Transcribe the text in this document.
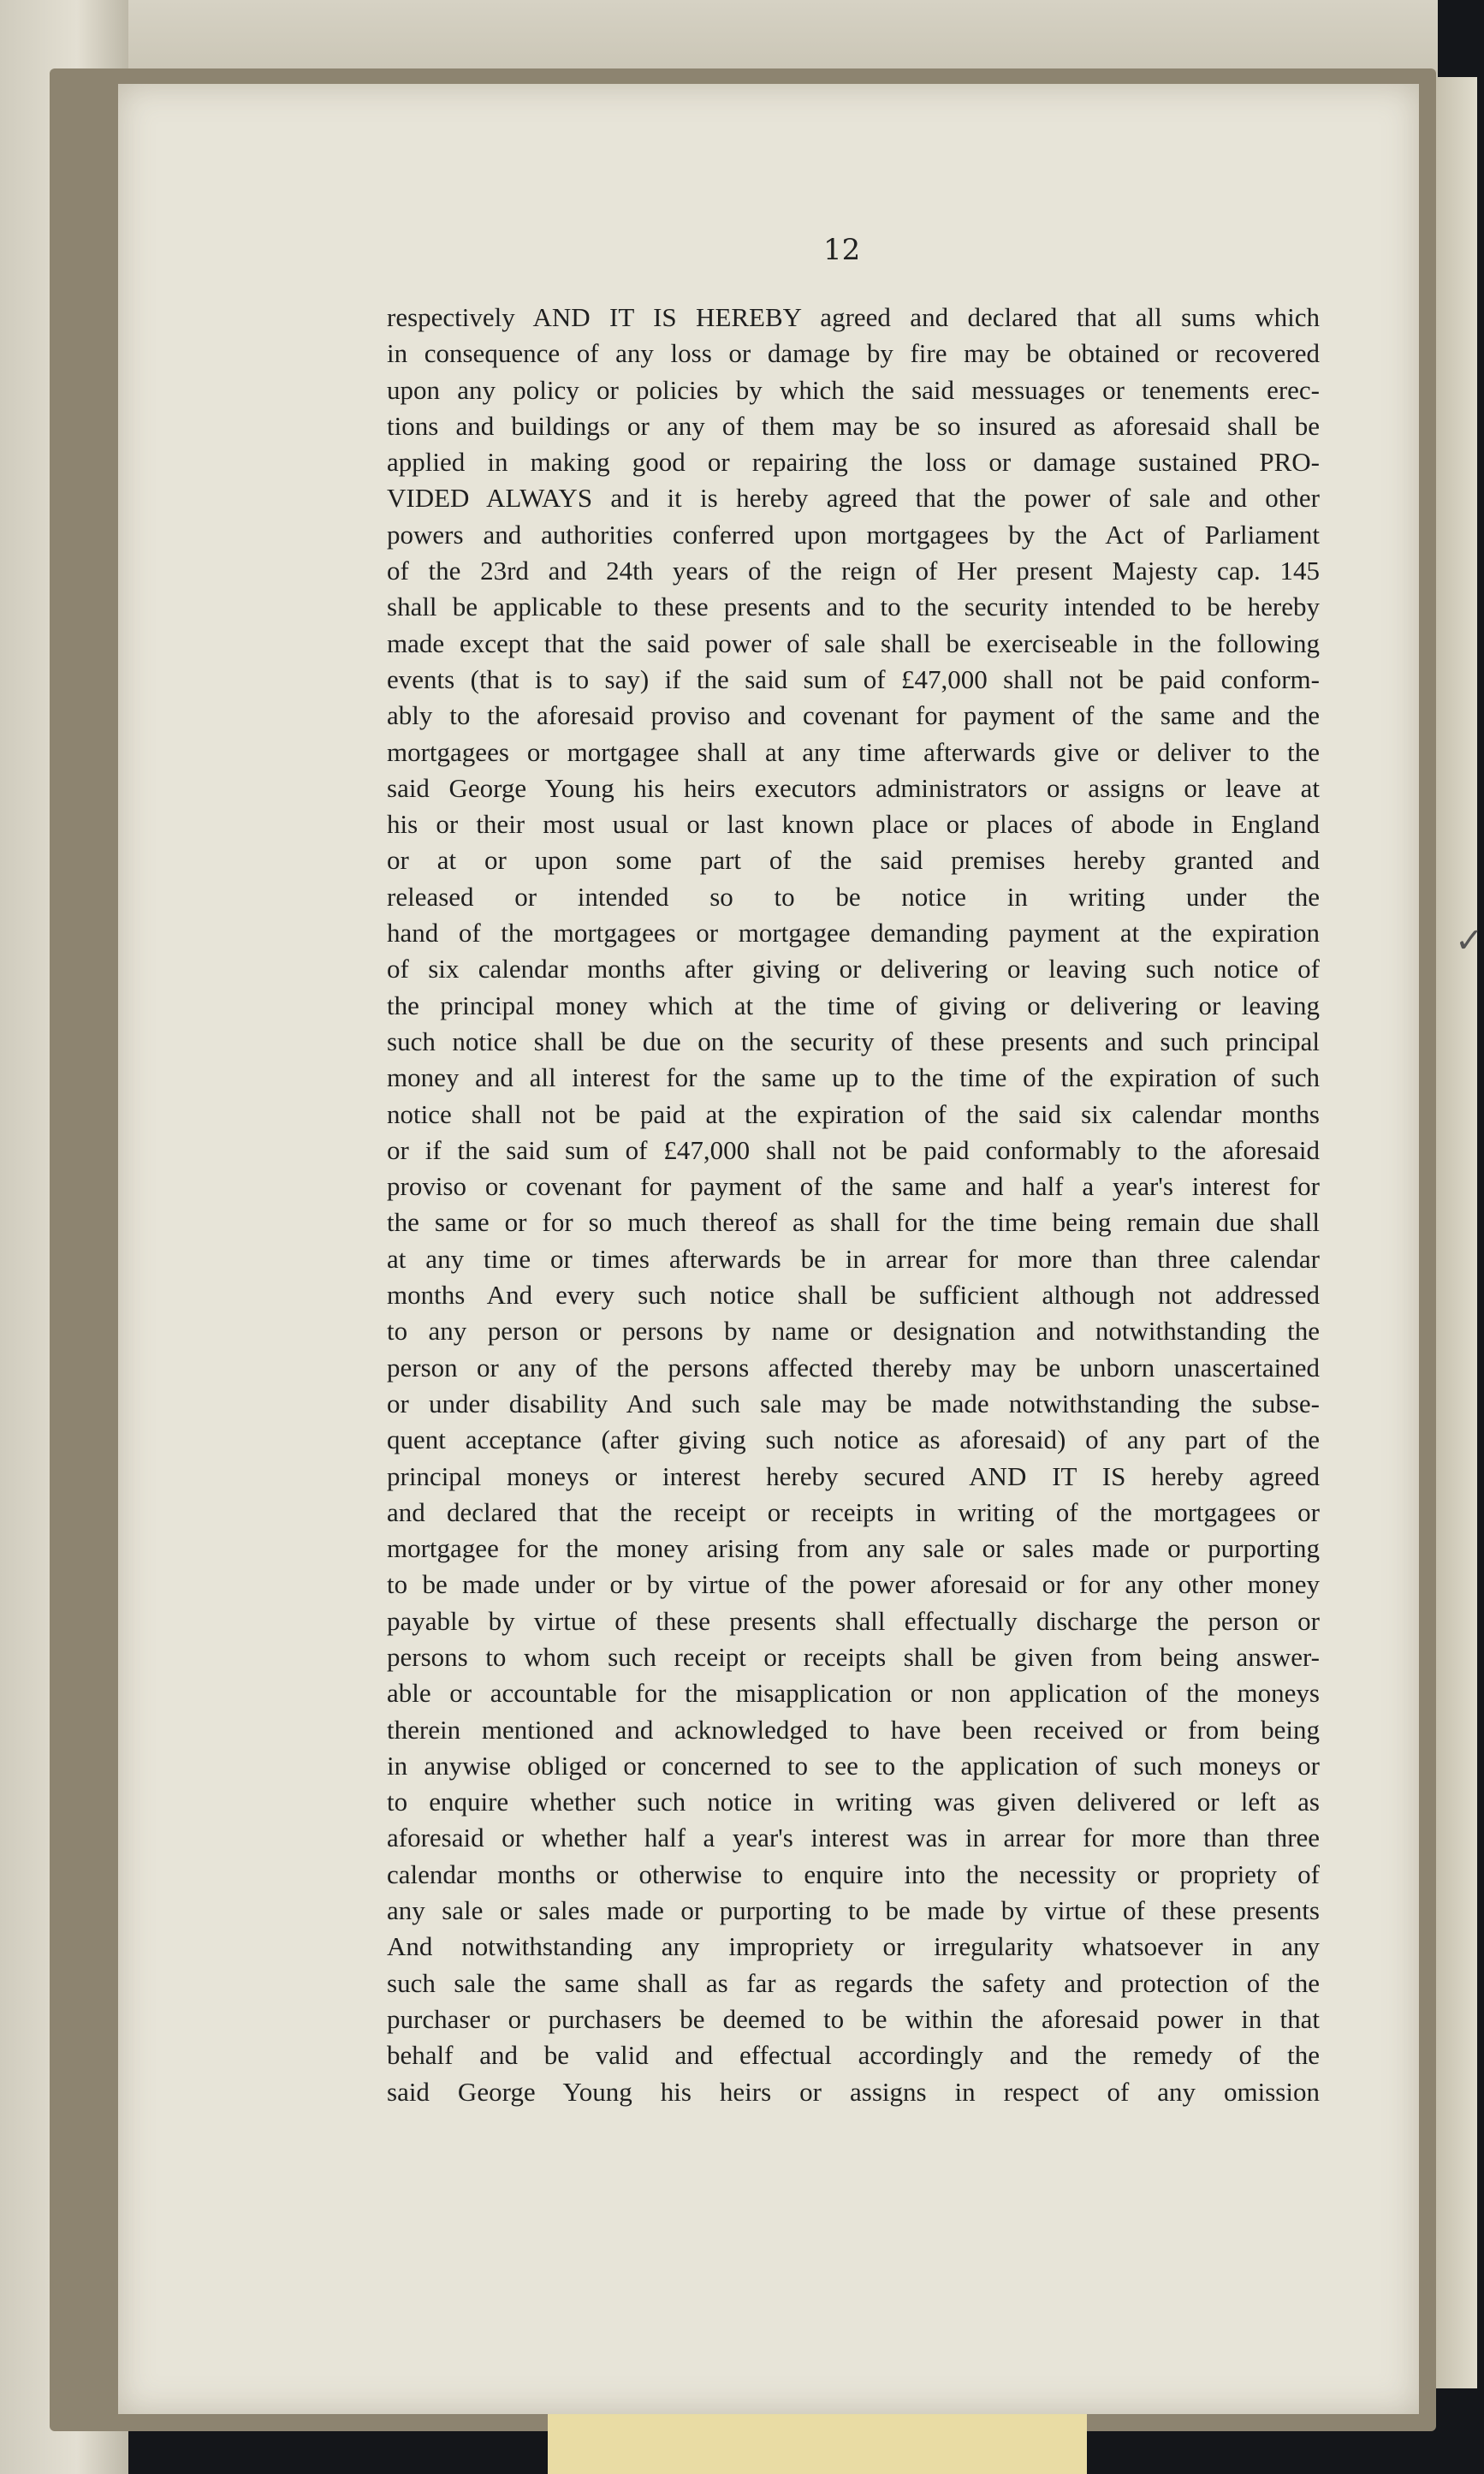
12
respectively AND IT IS HEREBY agreed and declared that all sums which
in consequence of any loss or damage by fire may be obtained or recovered
upon any policy or policies by which the said messuages or tenements erec-
tions and buildings or any of them may be so insured as aforesaid shall be
applied in making good or repairing the loss or damage sustained PRO-
VIDED ALWAYS and it is hereby agreed that the power of sale and other
powers and authorities conferred upon mortgagees by the Act of Parliament
of the 23rd and 24th years of the reign of Her present Majesty cap. 145
shall be applicable to these presents and to the security intended to be hereby
made except that the said power of sale shall be exerciseable in the following
events (that is to say) if the said sum of £47,000 shall not be paid conform-
ably to the aforesaid proviso and covenant for payment of the same and the
mortgagees or mortgagee shall at any time afterwards give or deliver to the
said George Young his heirs executors administrators or assigns or leave at
his or their most usual or last known place or places of abode in England
or at or upon some part of the said premises hereby granted and
released or intended so to be notice in writing under the
hand of the mortgagees or mortgagee demanding payment at the expiration
of six calendar months after giving or delivering or leaving such notice of
the principal money which at the time of giving or delivering or leaving
such notice shall be due on the security of these presents and such principal
money and all interest for the same up to the time of the expiration of such
notice shall not be paid at the expiration of the said six calendar months
or if the said sum of £47,000 shall not be paid conformably to the aforesaid
proviso or covenant for payment of the same and half a year's interest for
the same or for so much thereof as shall for the time being remain due shall
at any time or times afterwards be in arrear for more than three calendar
months And every such notice shall be sufficient although not addressed
to any person or persons by name or designation and notwithstanding the
person or any of the persons affected thereby may be unborn unascertained
or under disability And such sale may be made notwithstanding the subse-
quent acceptance (after giving such notice as aforesaid) of any part of the
principal moneys or interest hereby secured AND IT IS hereby agreed
and declared that the receipt or receipts in writing of the mortgagees or
mortgagee for the money arising from any sale or sales made or purporting
to be made under or by virtue of the power aforesaid or for any other money
payable by virtue of these presents shall effectually discharge the person or
persons to whom such receipt or receipts shall be given from being answer-
able or accountable for the misapplication or non application of the moneys
therein mentioned and acknowledged to have been received or from being
in anywise obliged or concerned to see to the application of such moneys or
to enquire whether such notice in writing was given delivered or left as
aforesaid or whether half a year's interest was in arrear for more than three
calendar months or otherwise to enquire into the necessity or propriety of
any sale or sales made or purporting to be made by virtue of these presents
And notwithstanding any impropriety or irregularity whatsoever in any
such sale the same shall as far as regards the safety and protection of the
purchaser or purchasers be deemed to be within the aforesaid power in that
behalf and be valid and effectual accordingly and the remedy of the
said George Young his heirs or assigns in respect of any omission
✓
